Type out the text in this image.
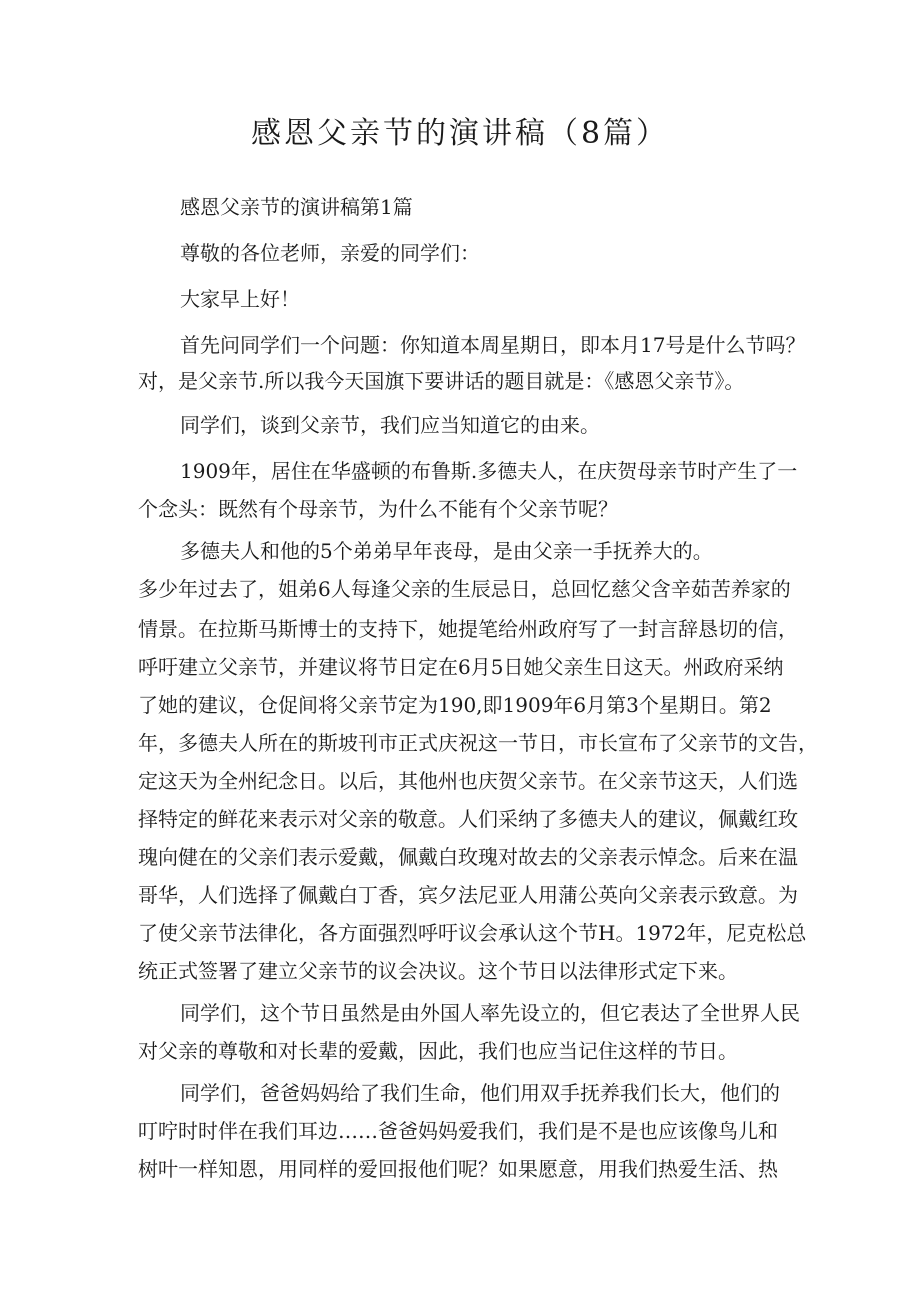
感恩父亲节的演讲稿（8篇）

感恩父亲节的演讲稿第1篇

尊敬的各位老师，亲爱的同学们：

大家早上好！

首先问同学们一个问题：你知道本周星期日，即本月17号是什么节吗？

对，是父亲节.所以我今天国旗下要讲话的题目就是：《感恩父亲节》。

同学们，谈到父亲节，我们应当知道它的由来。

1909年，居住在华盛顿的布鲁斯.多德夫人，在庆贺母亲节时产生了一

个念头：既然有个母亲节，为什么不能有个父亲节呢？

多德夫人和他的5个弟弟早年丧母，是由父亲一手抚养大的。

多少年过去了，姐弟6人每逢父亲的生辰忌日，总回忆慈父含辛茹苦养家的

情景。在拉斯马斯博士的支持下，她提笔给州政府写了一封言辞恳切的信，

呼吁建立父亲节，并建议将节日定在6月5日她父亲生日这天。州政府采纳

了她的建议，仓促间将父亲节定为190,即1909年6月第3个星期日。第2

年，多德夫人所在的斯坡刊市正式庆祝这一节日，市长宣布了父亲节的文告，

定这天为全州纪念日。以后，其他州也庆贺父亲节。在父亲节这天，人们选

择特定的鲜花来表示对父亲的敬意。人们采纳了多德夫人的建议，佩戴红玫

瑰向健在的父亲们表示爱戴，佩戴白玫瑰对故去的父亲表示悼念。后来在温

哥华，人们选择了佩戴白丁香，宾夕法尼亚人用蒲公英向父亲表示致意。为

了使父亲节法律化，各方面强烈呼吁议会承认这个节H。1972年，尼克松总

统正式签署了建立父亲节的议会决议。这个节日以法律形式定下来。

同学们，这个节日虽然是由外国人率先设立的，但它表达了全世界人民

对父亲的尊敬和对长辈的爱戴，因此，我们也应当记住这样的节日。

同学们，爸爸妈妈给了我们生命，他们用双手抚养我们长大，他们的

叮咛时时伴在我们耳边……爸爸妈妈爱我们，我们是不是也应该像鸟儿和

树叶一样知恩，用同样的爱回报他们呢？如果愿意，用我们热爱生活、热
